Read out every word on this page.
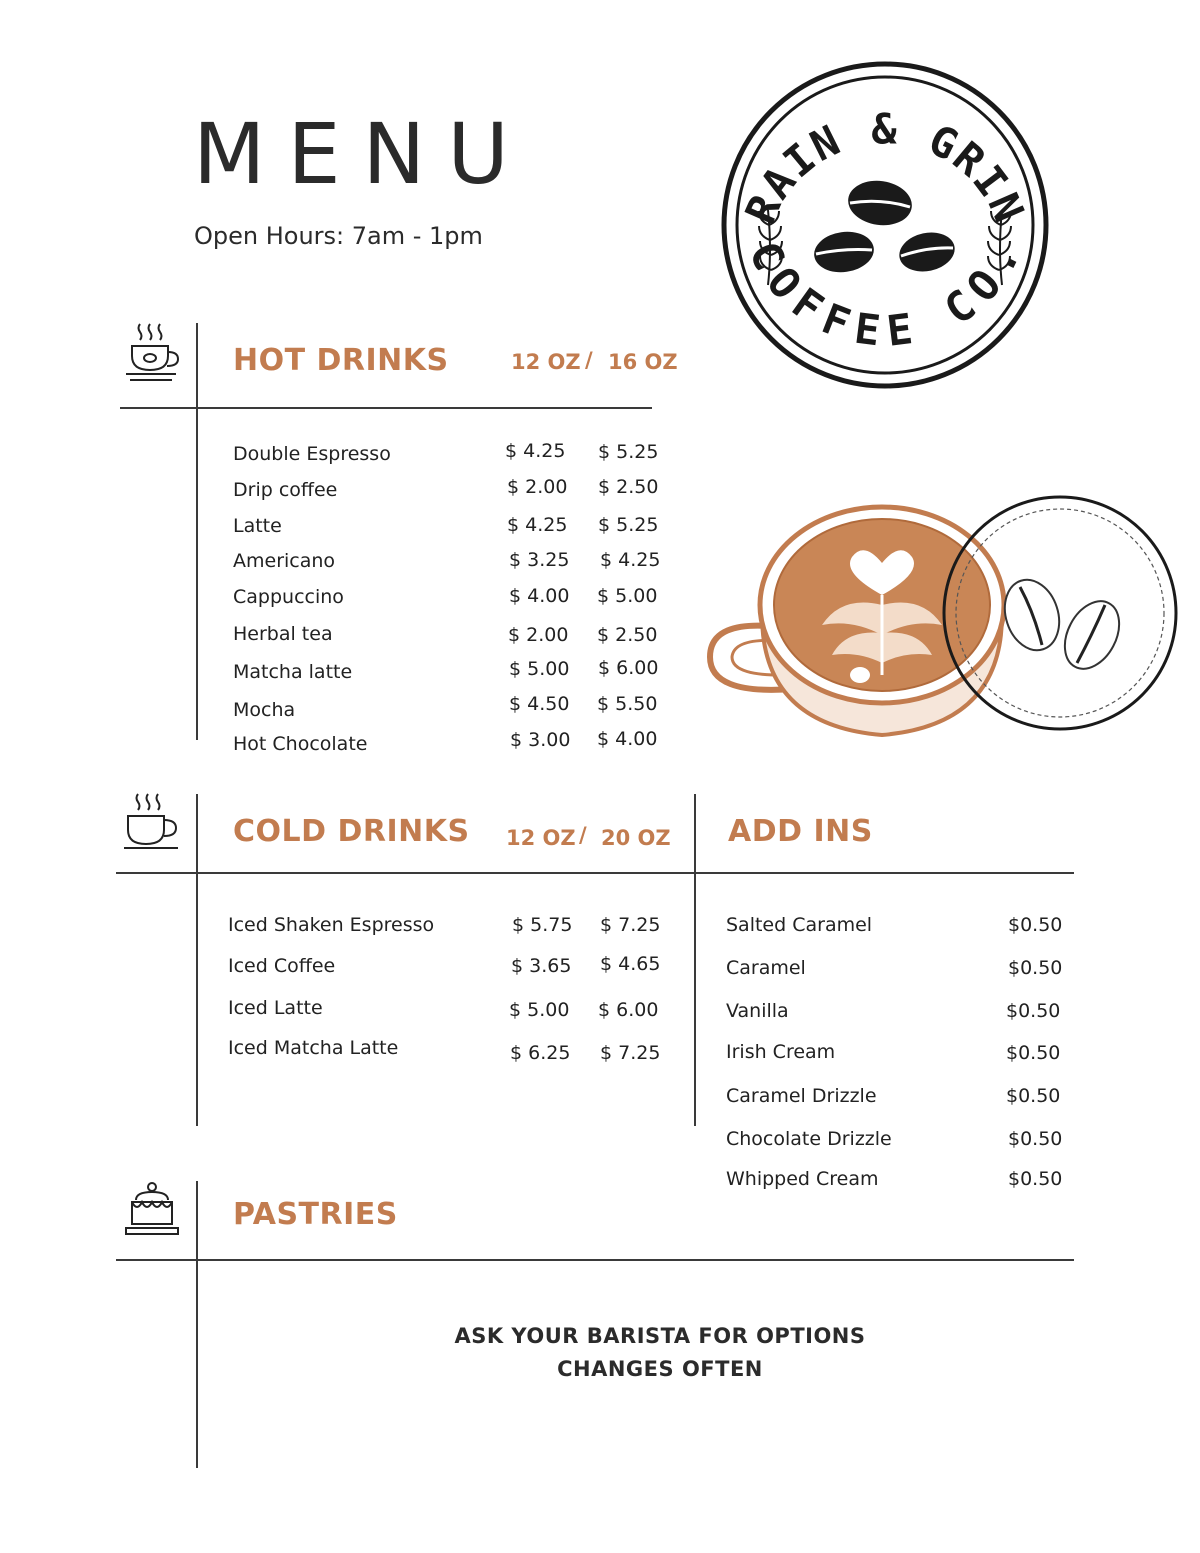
MENU
Open Hours: 7am - 1pm
GRAIN & GRIND
COFFEE CO.
HOT DRINKS	12 OZ / 16 OZ
Double Espresso	$ 4.25 $ 5.25
Drip coffee	$ 2.00 $ 2.50
Latte	$ 4.25 $ 5.25
Americano	$ 3.25 $ 4.25
Cappuccino	$ 4.00 $ 5.00
Herbal tea	$ 2.00 $ 2.50
Matcha latte	$ 5.00 $ 6.00
Mocha	$ 4.50 $ 5.50
Hot Chocolate	$ 3.00 $ 4.00
COLD DRINKS 12 OZ / 20 OZ
Iced Shaken Espresso	$ 5.75 $ 7.25
Iced Coffee	$ 3.65 $ 4.65
Iced Latte	$ 5.00 $ 6.00
Iced Matcha Latte	$ 6.25 $ 7.25
ADD INS
Salted Caramel	$0.50
Caramel	$0.50
Vanilla	$0.50
Irish Cream	$0.50
Caramel Drizzle	$0.50
Chocolate Drizzle	$0.50
Whipped Cream	$0.50
PASTRIES
ASK YOUR BARISTA FOR OPTIONS
CHANGES OFTEN
